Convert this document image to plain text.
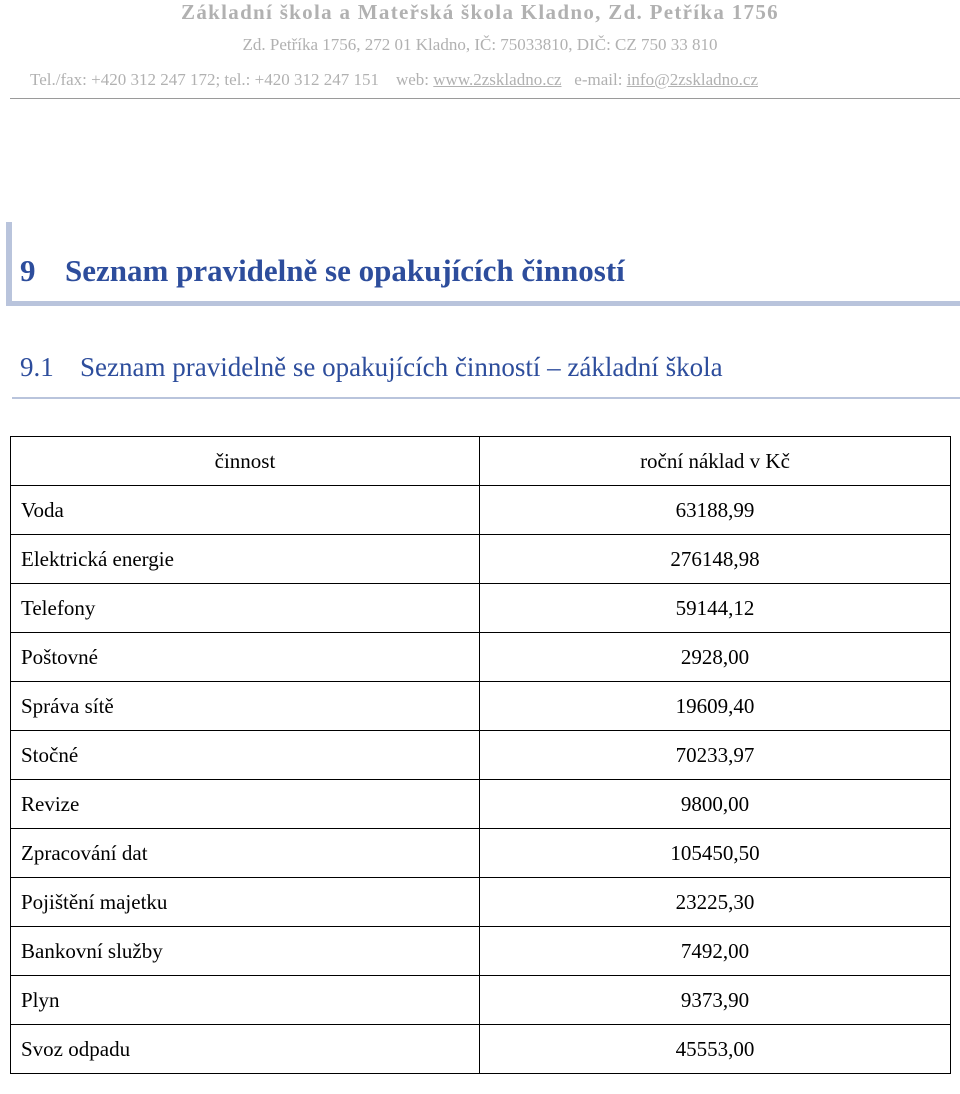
Základní škola a Mateřská škola Kladno, Zd. Petříka 1756
Zd. Petříka 1756, 272 01 Kladno, IČ: 75033810, DIČ: CZ 750 33 810
Tel./fax: +420 312 247 172; tel.: +420 312 247 151 web: www.2zskladno.cz e-mail: info@2zskladno.cz
9 Seznam pravidelně se opakujících činností
9.1 Seznam pravidelně se opakujících činností – základní škola
činnost	roční náklad v Kč
Voda	63188,99
Elektrická energie	276148,98
Telefony	59144,12
Poštovné	2928,00
Správa sítě	19609,40
Stočné	70233,97
Revize	9800,00
Zpracování dat	105450,50
Pojištění majetku	23225,30
Bankovní služby	7492,00
Plyn	9373,90
Svoz odpadu	45553,00
